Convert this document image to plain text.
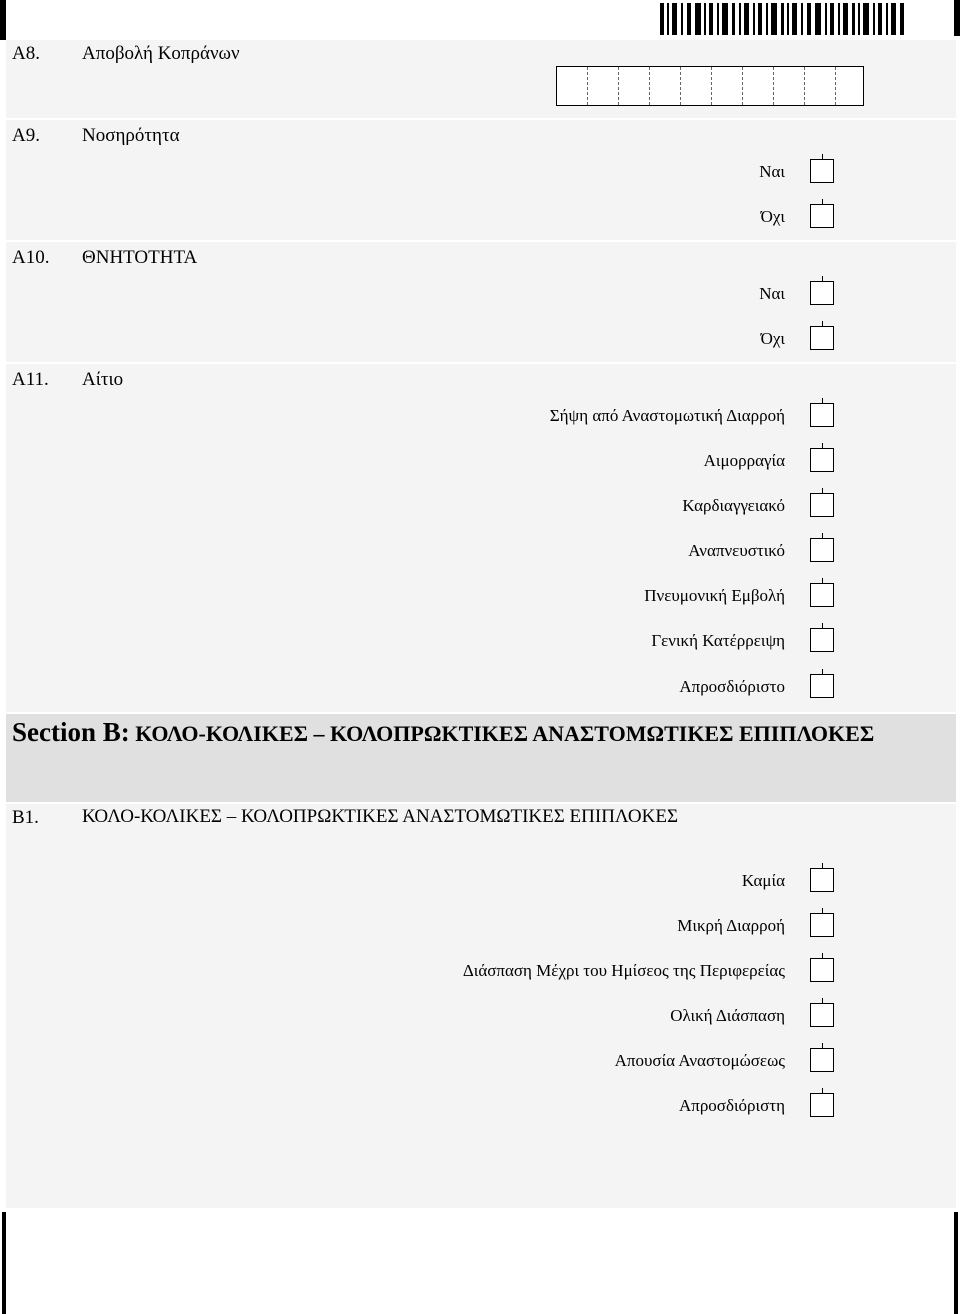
A8. Αποβολή Κοπράνων
A9. Νοσηρότητα
Ναι
Όχι
A10. ΘΝΗΤΟΤΗΤΑ
Ναι
Όχι
A11. Αίτιο
Σήψη από Αναστομωτική Διαρροή
Αιμορραγία
Καρδιαγγειακό
Αναπνευστικό
Πνευμονική Εμβολή
Γενική Κατέρρειψη
Απροσδιόριστο
Section B: ΚΟΛΟ-ΚΟΛΙΚΕΣ – ΚΟΛΟΠΡΩΚΤΙΚΕΣ ΑΝΑΣΤΟΜΩΤΙΚΕΣ ΕΠΙΠΛΟΚΕΣ
B1. ΚΟΛΟ-ΚΟΛΙΚΕΣ – ΚΟΛΟΠΡΩΚΤΙΚΕΣ ΑΝΑΣΤΟΜΩΤΙΚΕΣ ΕΠΙΠΛΟΚΕΣ
Καμία
Μικρή Διαρροή
Διάσπαση Μέχρι του Ημίσεος της Περιφερείας
Ολική Διάσπαση
Απουσία Αναστομώσεως
Απροσδιόριστη
